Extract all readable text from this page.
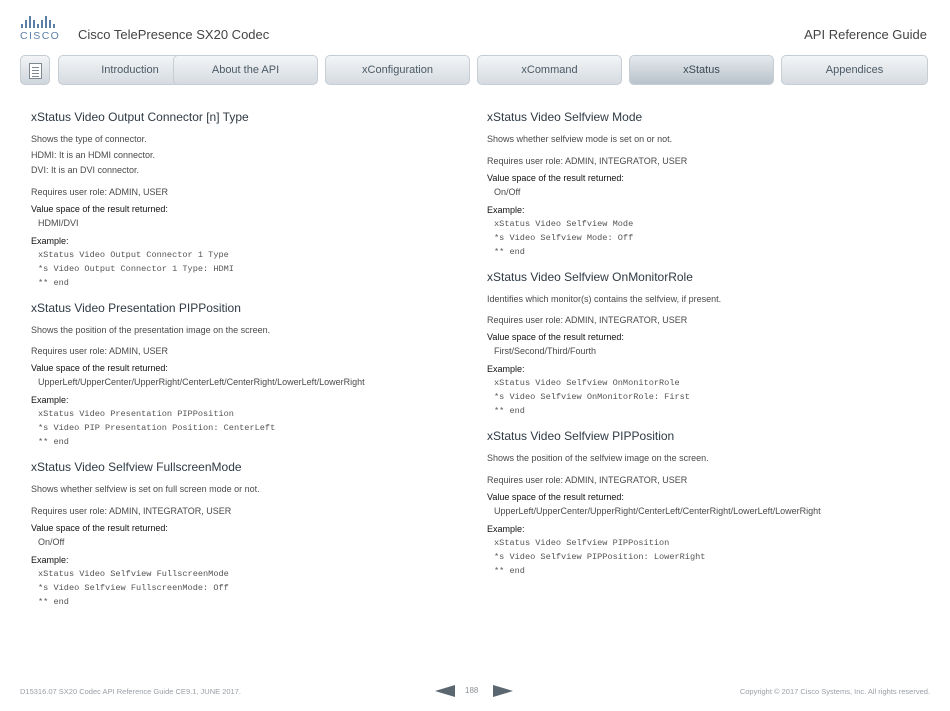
CISCO Cisco TelePresence SX20 Codec	API Reference Guide
Introduction	About the API	xConfiguration	xCommand	xStatus	Appendices
xStatus Video Output Connector [n] Type
Shows the type of connector.
HDMI: It is an HDMI connector.
DVI: It is an DVI connector.
Requires user role: ADMIN, USER
Value space of the result returned:
HDMI/DVI
Example:
xStatus Video Output Connector 1 Type
*s Video Output Connector 1 Type: HDMI
** end
xStatus Video Presentation PIPPosition
Shows the position of the presentation image on the screen.
Requires user role: ADMIN, USER
Value space of the result returned:
UpperLeft/UpperCenter/UpperRight/CenterLeft/CenterRight/LowerLeft/LowerRight
Example:
xStatus Video Presentation PIPPosition
*s Video PIP Presentation Position: CenterLeft
** end
xStatus Video Selfview FullscreenMode
Shows whether selfview is set on full screen mode or not.
Requires user role: ADMIN, INTEGRATOR, USER
Value space of the result returned:
On/Off
Example:
xStatus Video Selfview FullscreenMode
*s Video Selfview FullscreenMode: Off
** end
xStatus Video Selfview Mode
Shows whether selfview mode is set on or not.
Requires user role: ADMIN, INTEGRATOR, USER
Value space of the result returned:
On/Off
Example:
xStatus Video Selfview Mode
*s Video Selfview Mode: Off
** end
xStatus Video Selfview OnMonitorRole
Identifies which monitor(s) contains the selfview, if present.
Requires user role: ADMIN, INTEGRATOR, USER
Value space of the result returned:
First/Second/Third/Fourth
Example:
xStatus Video Selfview OnMonitorRole
*s Video Selfview OnMonitorRole: First
** end
xStatus Video Selfview PIPPosition
Shows the position of the selfview image on the screen.
Requires user role: ADMIN, INTEGRATOR, USER
Value space of the result returned:
UpperLeft/UpperCenter/UpperRight/CenterLeft/CenterRight/LowerLeft/LowerRight
Example:
xStatus Video Selfview PIPPosition
*s Video Selfview PIPPosition: LowerRight
** end
D15316.07 SX20 Codec API Reference Guide CE9.1, JUNE 2017.	188	Copyright © 2017 Cisco Systems, Inc. All rights reserved.
